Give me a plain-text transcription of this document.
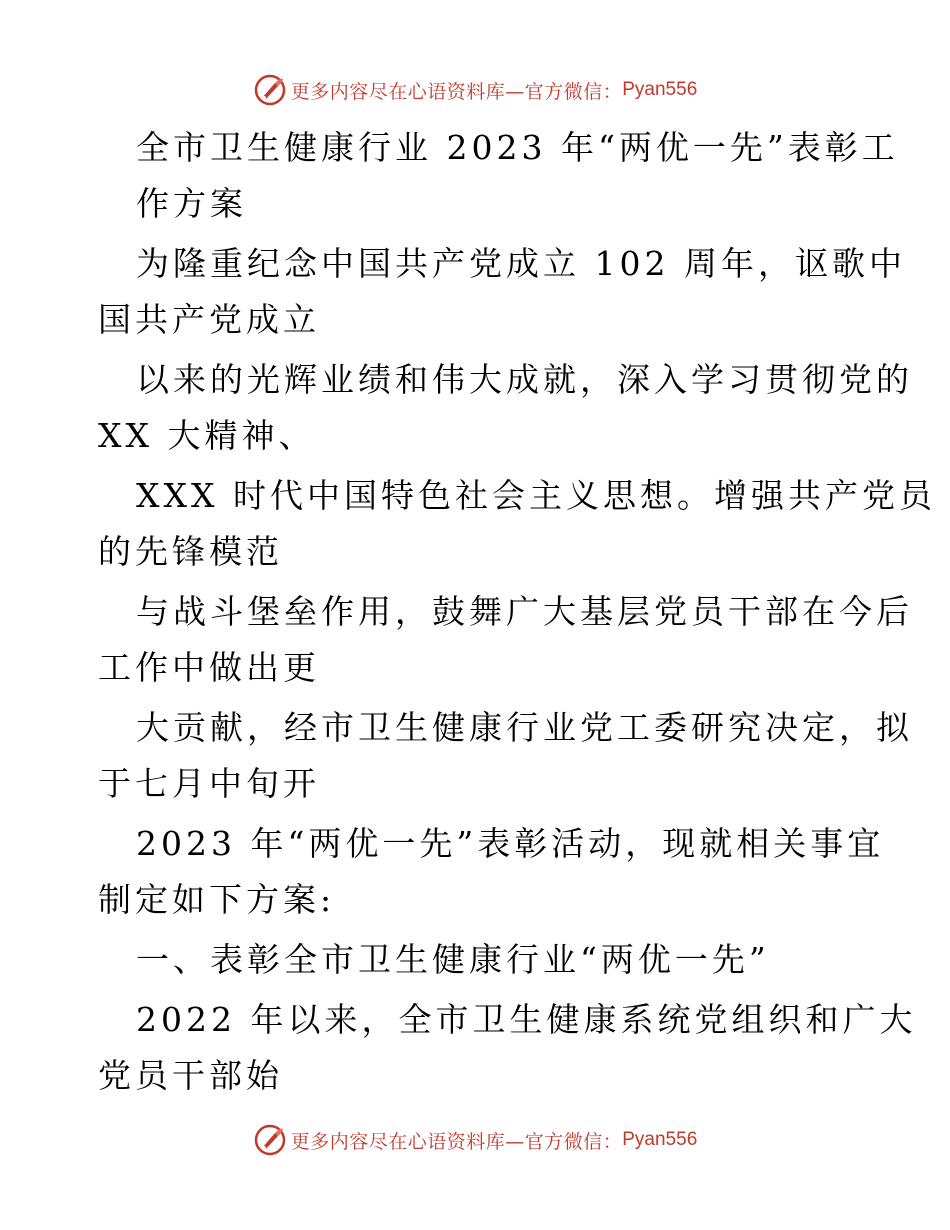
更多内容尽在心语资料库—官方微信： Pyan556
全市卫生健康行业 2023 年“两优一先”表彰工
作方案
为隆重纪念中国共产党成立 102 周年，讴歌中
国共产党成立
以来的光辉业绩和伟大成就，深入学习贯彻党的
XX 大精神、
XXX 时代中国特色社会主义思想。增强共产党员
的先锋模范
与战斗堡垒作用，鼓舞广大基层党员干部在今后
工作中做出更
大贡献，经市卫生健康行业党工委研究决定，拟
于七月中旬开
2023 年“两优一先”表彰活动，现就相关事宜
制定如下方案:
一、表彰全市卫生健康行业“两优一先”
2022 年以来，全市卫生健康系统党组织和广大
党员干部始
更多内容尽在心语资料库—官方微信： Pyan556
